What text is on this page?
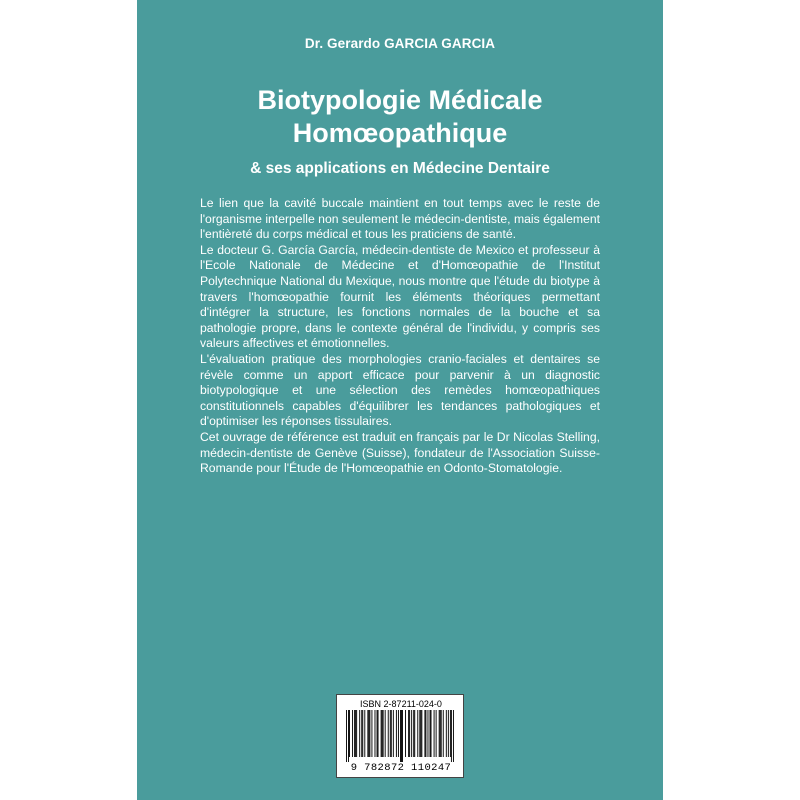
Dr. Gerardo GARCIA GARCIA
Biotypologie Médicale
Homœopathique
& ses applications en Médecine Dentaire

Le lien que la cavité buccale maintient en tout temps avec le reste de l'organisme interpelle non seulement le médecin-dentiste, mais également l'entièreté du corps médical et tous les praticiens de santé.

Le docteur G. García García, médecin-dentiste de Mexico et professeur à l'Ecole Nationale de Médecine et d'Homœopathie de l'Institut Polytechnique National du Mexique, nous montre que l'étude du biotype à travers l'homœopathie fournit les éléments théoriques permettant d'intégrer la structure, les fonctions normales de la bouche et sa pathologie propre, dans le contexte général de l'individu, y compris ses valeurs affectives et émotionnelles.

L'évaluation pratique des morphologies cranio-faciales et dentaires se révèle comme un apport efficace pour parvenir à un diagnostic biotypologique et une sélection des remèdes homœopathiques constitutionnels capables d'équilibrer les tendances pathologiques et d'optimiser les réponses tissulaires.

Cet ouvrage de référence est traduit en français par le Dr Nicolas Stelling, médecin-dentiste de Genève (Suisse), fondateur de l'Association Suisse-Romande pour l'Étude de l'Homœopathie en Odonto-Stomatologie.

ISBN 2-87211-024-0
9 782872 110247
